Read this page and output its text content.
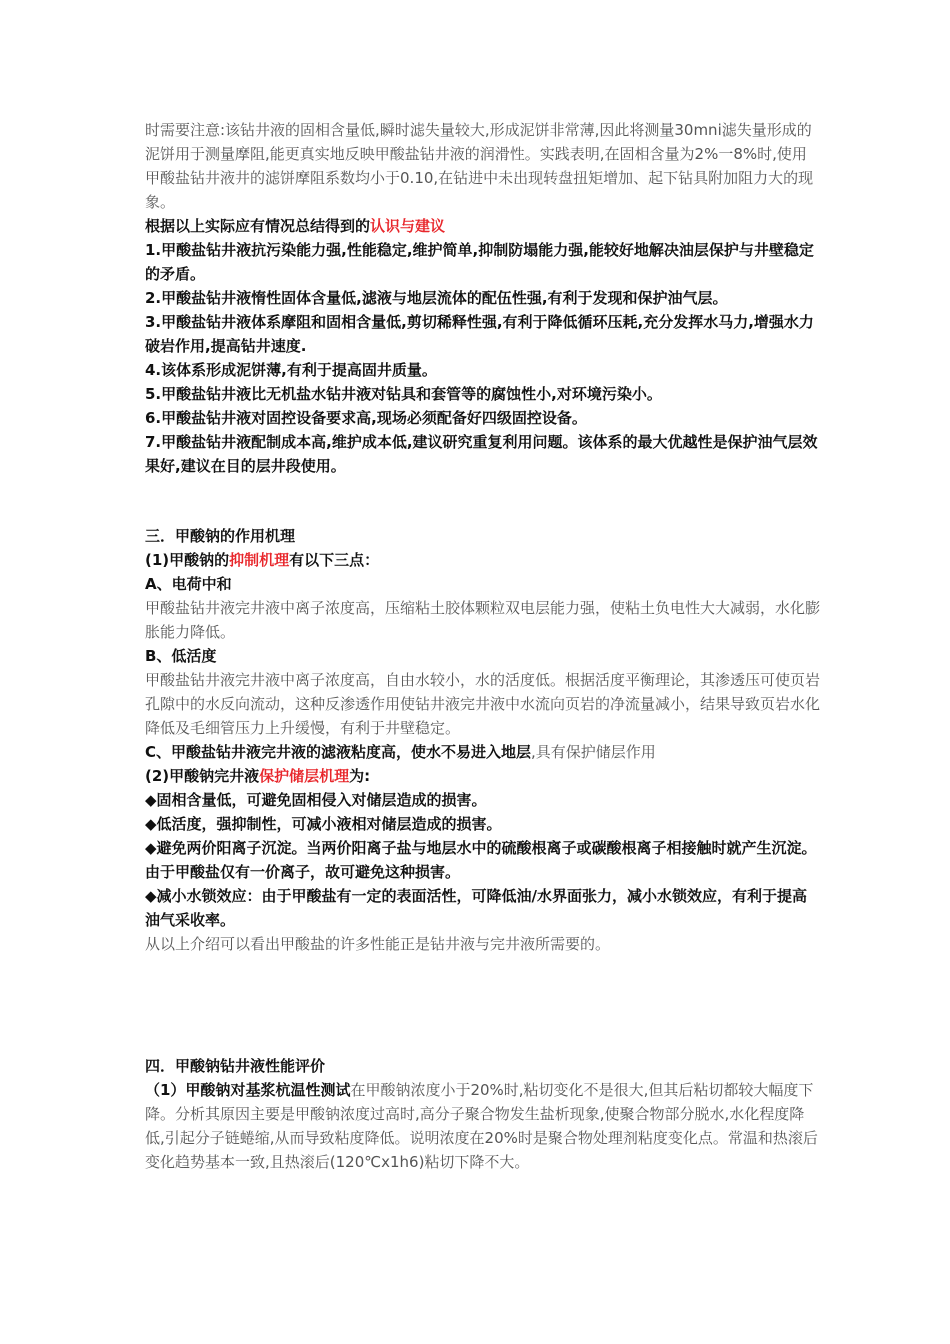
时需要注意:该钻井液的固相含量低,瞬时滤失量较大,形成泥饼非常薄,因此将测量30mni滤失量形成的泥饼用于测量摩阻,能更真实地反映甲酸盐钻井液的润滑性。实践表明,在固相含量为2%一8%时,使用甲酸盐钻井液井的滤饼摩阻系数均小于0.10,在钻进中未出现转盘扭矩增加、起下钻具附加阻力大的现象。

根据以上实际应有情况总结得到的认识与建议

1.甲酸盐钻井液抗污染能力强,性能稳定,维护简单,抑制防塌能力强,能较好地解决油层保护与井壁稳定的矛盾。

2.甲酸盐钻井液惰性固体含量低,滤液与地层流体的配伍性强,有利于发现和保护油气层。

3.甲酸盐钻井液体系摩阻和固相含量低,剪切稀释性强,有利于降低循环压耗,充分发挥水马力,增强水力破岩作用,提高钻井速度.

4.该体系形成泥饼薄,有利于提高固井质量。

5.甲酸盐钻井液比无机盐水钻井液对钻具和套管等的腐蚀性小,对环境污染小。

6.甲酸盐钻井液对固控设备要求高,现场必须配备好四级固控设备。

7.甲酸盐钻井液配制成本高,维护成本低,建议研究重复利用问题。该体系的最大优越性是保护油气层效果好,建议在目的层井段使用。

三．甲酸钠的作用机理

(1)甲酸钠的抑制机理有以下三点：

A、电荷中和

甲酸盐钻井液完井液中离子浓度高，压缩粘土胶体颗粒双电层能力强，使粘土负电性大大减弱，水化膨胀能力降低。

B、低活度

甲酸盐钻井液完井液中离子浓度高，自由水较小，水的活度低。根据活度平衡理论，其渗透压可使页岩孔隙中的水反向流动，这种反渗透作用使钻井液完井液中水流向页岩的净流量减小，结果导致页岩水化降低及毛细管压力上升缓慢，有利于井壁稳定。

C、甲酸盐钻井液完井液的滤液粘度高，使水不易进入地层,具有保护储层作用

(2)甲酸钠完井液保护储层机理为:

◆固相含量低，可避免固相侵入对储层造成的损害。

◆低活度，强抑制性，可减小液相对储层造成的损害。

◆避免两价阳离子沉淀。当两价阳离子盐与地层水中的硫酸根离子或碳酸根离子相接触时就产生沉淀。由于甲酸盐仅有一价离子，故可避免这种损害。

◆减小水锁效应：由于甲酸盐有一定的表面活性，可降低油/水界面张力，减小水锁效应，有利于提高油气采收率。

从以上介绍可以看出甲酸盐的许多性能正是钻井液与完井液所需要的。

四．甲酸钠钻井液性能评价

（1）甲酸钠对基浆杭温性测试在甲酸钠浓度小于20%时,粘切变化不是很大,但其后粘切都较大幅度下降。分析其原因主要是甲酸钠浓度过高时,高分子聚合物发生盐析现象,使聚合物部分脱水,水化程度降低,引起分子链蜷缩,从而导致粘度降低。说明浓度在20%时是聚合物处理剂粘度变化点。常温和热滚后变化趋势基本一致,且热滚后(120℃x1h6)粘切下降不大。
